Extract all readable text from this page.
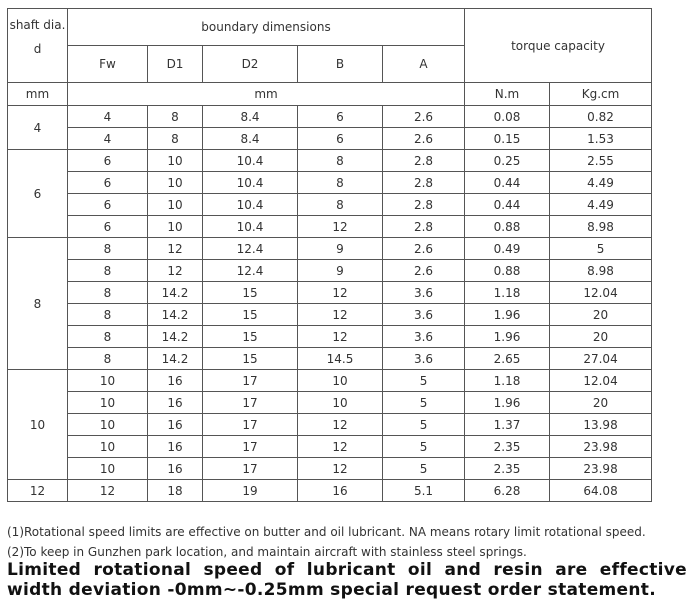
shaft dia.
d	boundary dimensions					torque capacity	
	Fw	D1	D2	B	A		
mm	mm					N.m	Kg.cm
4	4	8	8.4	6	2.6	0.08	0.82
	4	8	8.4	6	2.6	0.15	1.53
6	6	10	10.4	8	2.8	0.25	2.55
	6	10	10.4	8	2.8	0.44	4.49
	6	10	10.4	8	2.8	0.44	4.49
	6	10	10.4	12	2.8	0.88	8.98
8	8	12	12.4	9	2.6	0.49	5
	8	12	12.4	9	2.6	0.88	8.98
	8	14.2	15	12	3.6	1.18	12.04
	8	14.2	15	12	3.6	1.96	20
	8	14.2	15	12	3.6	1.96	20
	8	14.2	15	14.5	3.6	2.65	27.04
10	10	16	17	10	5	1.18	12.04
	10	16	17	10	5	1.96	20
	10	16	17	12	5	1.37	13.98
	10	16	17	12	5	2.35	23.98
	10	16	17	12	5	2.35	23.98
12	12	18	19	16	5.1	6.28	64.08
(1)Rotational speed limits are effective on butter and oil lubricant. NA means rotary limit rotational speed.
(2)To keep in Gunzhen park location, and maintain aircraft with stainless steel springs.
Limited rotational speed of lubricant oil and resin are effective width deviation -0mm~-0.25mm special request order statement.
